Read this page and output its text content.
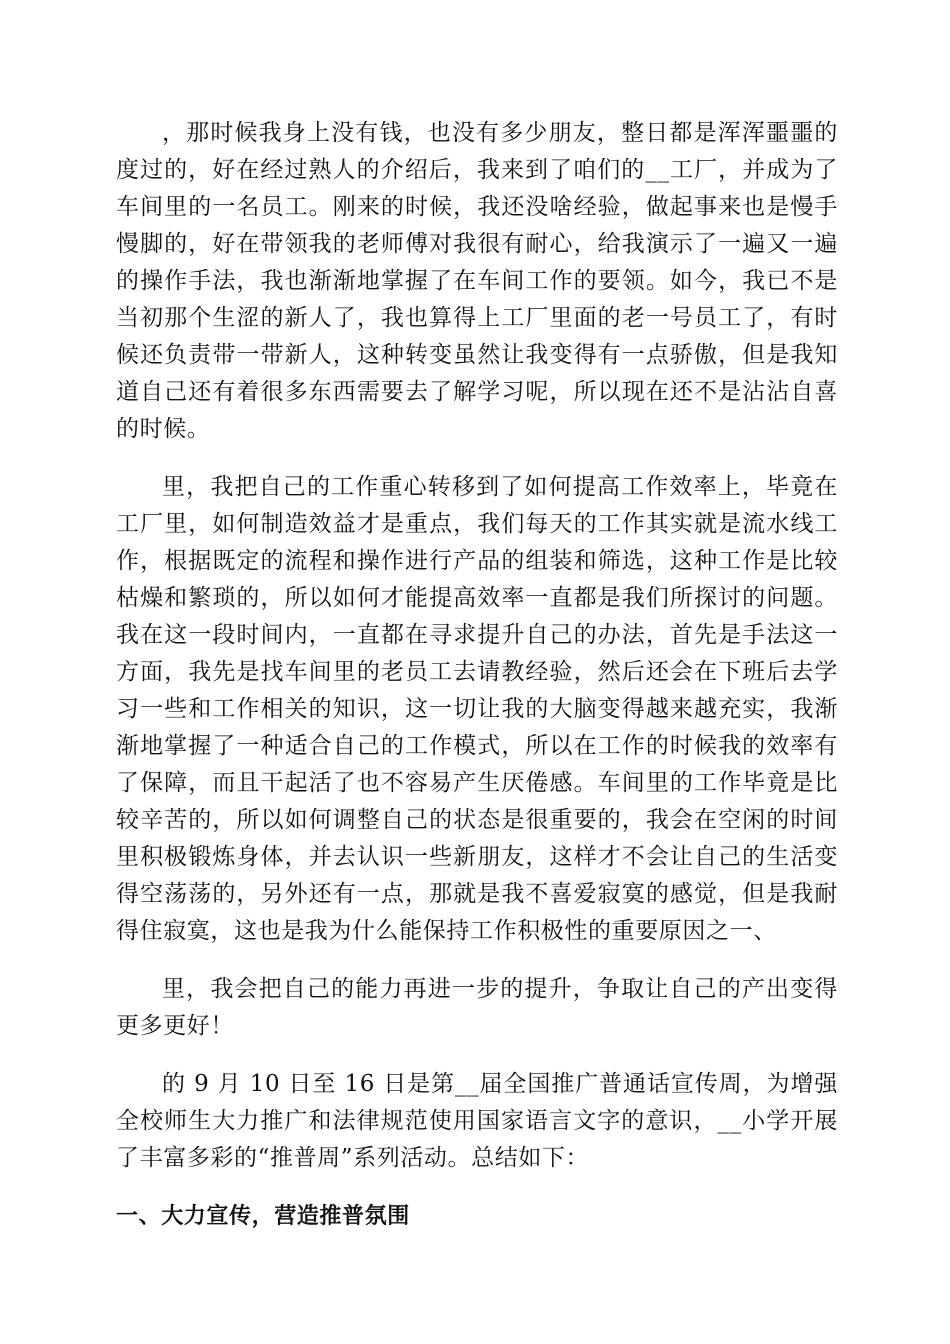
，那时候我身上没有钱，也没有多少朋友，整日都是浑浑噩噩的度过的，好在经过熟人的介绍后，我来到了咱们的__工厂，并成为了车间里的一名员工。刚来的时候，我还没啥经验，做起事来也是慢手慢脚的，好在带领我的老师傅对我很有耐心，给我演示了一遍又一遍的操作手法，我也渐渐地掌握了在车间工作的要领。如今，我已不是当初那个生涩的新人了，我也算得上工厂里面的老一号员工了，有时候还负责带一带新人，这种转变虽然让我变得有一点骄傲，但是我知道自己还有着很多东西需要去了解学习呢，所以现在还不是沾沾自喜的时候。

里，我把自己的工作重心转移到了如何提高工作效率上，毕竟在工厂里，如何制造效益才是重点，我们每天的工作其实就是流水线工作，根据既定的流程和操作进行产品的组装和筛选，这种工作是比较枯燥和繁琐的，所以如何才能提高效率一直都是我们所探讨的问题。我在这一段时间内，一直都在寻求提升自己的办法，首先是手法这一方面，我先是找车间里的老员工去请教经验，然后还会在下班后去学习一些和工作相关的知识，这一切让我的大脑变得越来越充实，我渐渐地掌握了一种适合自己的工作模式，所以在工作的时候我的效率有了保障，而且干起活了也不容易产生厌倦感。车间里的工作毕竟是比较辛苦的，所以如何调整自己的状态是很重要的，我会在空闲的时间里积极锻炼身体，并去认识一些新朋友，这样才不会让自己的生活变得空荡荡的，另外还有一点，那就是我不喜爱寂寞的感觉，但是我耐得住寂寞，这也是我为什么能保持工作积极性的重要原因之一、

里，我会把自己的能力再进一步的提升，争取让自己的产出变得更多更好！

的 9 月 10 日至 16 日是第__届全国推广普通话宣传周，为增强全校师生大力推广和法律规范使用国家语言文字的意识，__小学开展了丰富多彩的“推普周”系列活动。总结如下：

一、大力宣传，营造推普氛围
